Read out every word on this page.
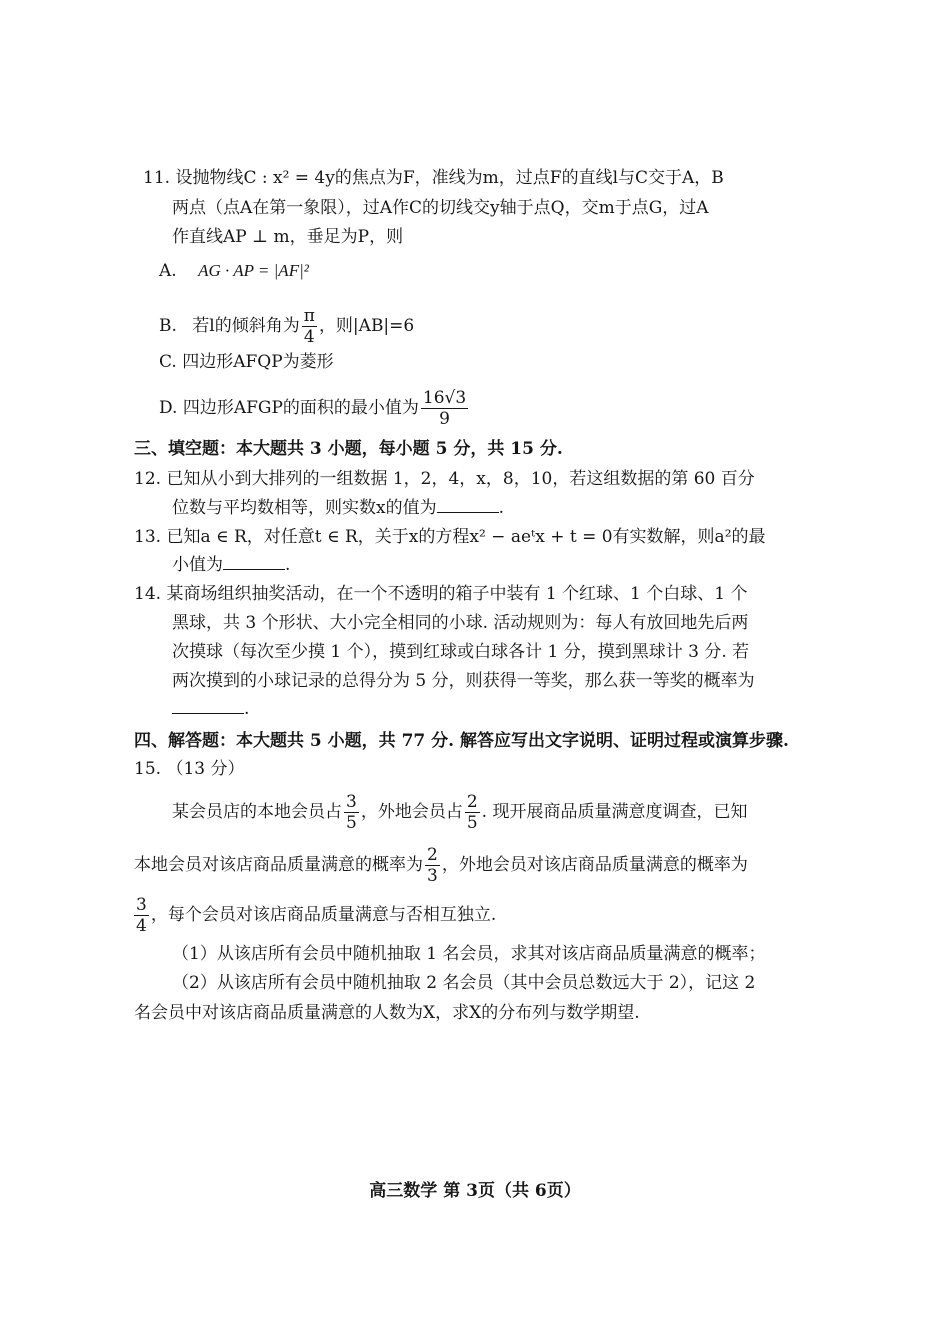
11. 设抛物线C : x² = 4y的焦点为F，准线为m，过点F的直线l与C交于A，B
两点（点A在第一象限），过A作C的切线交y轴于点Q，交m于点G，过A
作直线AP ⊥ m，垂足为P，则
A. AG · AP = |AF|²
B. 若l的倾斜角为 $\frac{\pi}{4}$ ，则|AB|=6
C. 四边形AFQP为菱形
D. 四边形AFGP的面积的最小值为 $\frac{16√3}{9}$
三、填空题：本大题共 3 小题，每小题 5 分，共 15 分.
12. 已知从小到大排列的一组数据 1，2，4，x，8，10，若这组数据的第 60 百分
位数与平均数相等，则实数x的值为	.
13. 已知a ∈ R，对任意t ∈ R，关于x的方程x² − aeᵗx + t = 0有实数解，则a²的最
小值为	.
14. 某商场组织抽奖活动，在一个不透明的箱子中装有 1 个红球、1 个白球、1 个
黑球，共 3 个形状、大小完全相同的小球. 活动规则为：每人有放回地先后两
次摸球（每次至少摸 1 个），摸到红球或白球各计 1 分，摸到黑球计 3 分. 若
两次摸到的小球记录的总得分为 5 分，则获得一等奖，那么获一等奖的概率为
.
四、解答题：本大题共 5 小题，共 77 分. 解答应写出文字说明、证明过程或演算步骤.
15. （13 分）
某会员店的本地会员占 $\frac{3}{5}$ ，外地会员占 $\frac{2}{5}$ . 现开展商品质量满意度调查，已知
本地会员对该店商品质量满意的概率为 $\frac{2}{3}$ ，外地会员对该店商品质量满意的概率为
$\frac{3}{4}$ ，每个会员对该店商品质量满意与否相互独立.
（1）从该店所有会员中随机抽取 1 名会员，求其对该店商品质量满意的概率；
（2）从该店所有会员中随机抽取 2 名会员（其中会员总数远大于 2），记这 2
名会员中对该店商品质量满意的人数为X，求X的分布列与数学期望.
高三数学 第 3页（共 6页）
